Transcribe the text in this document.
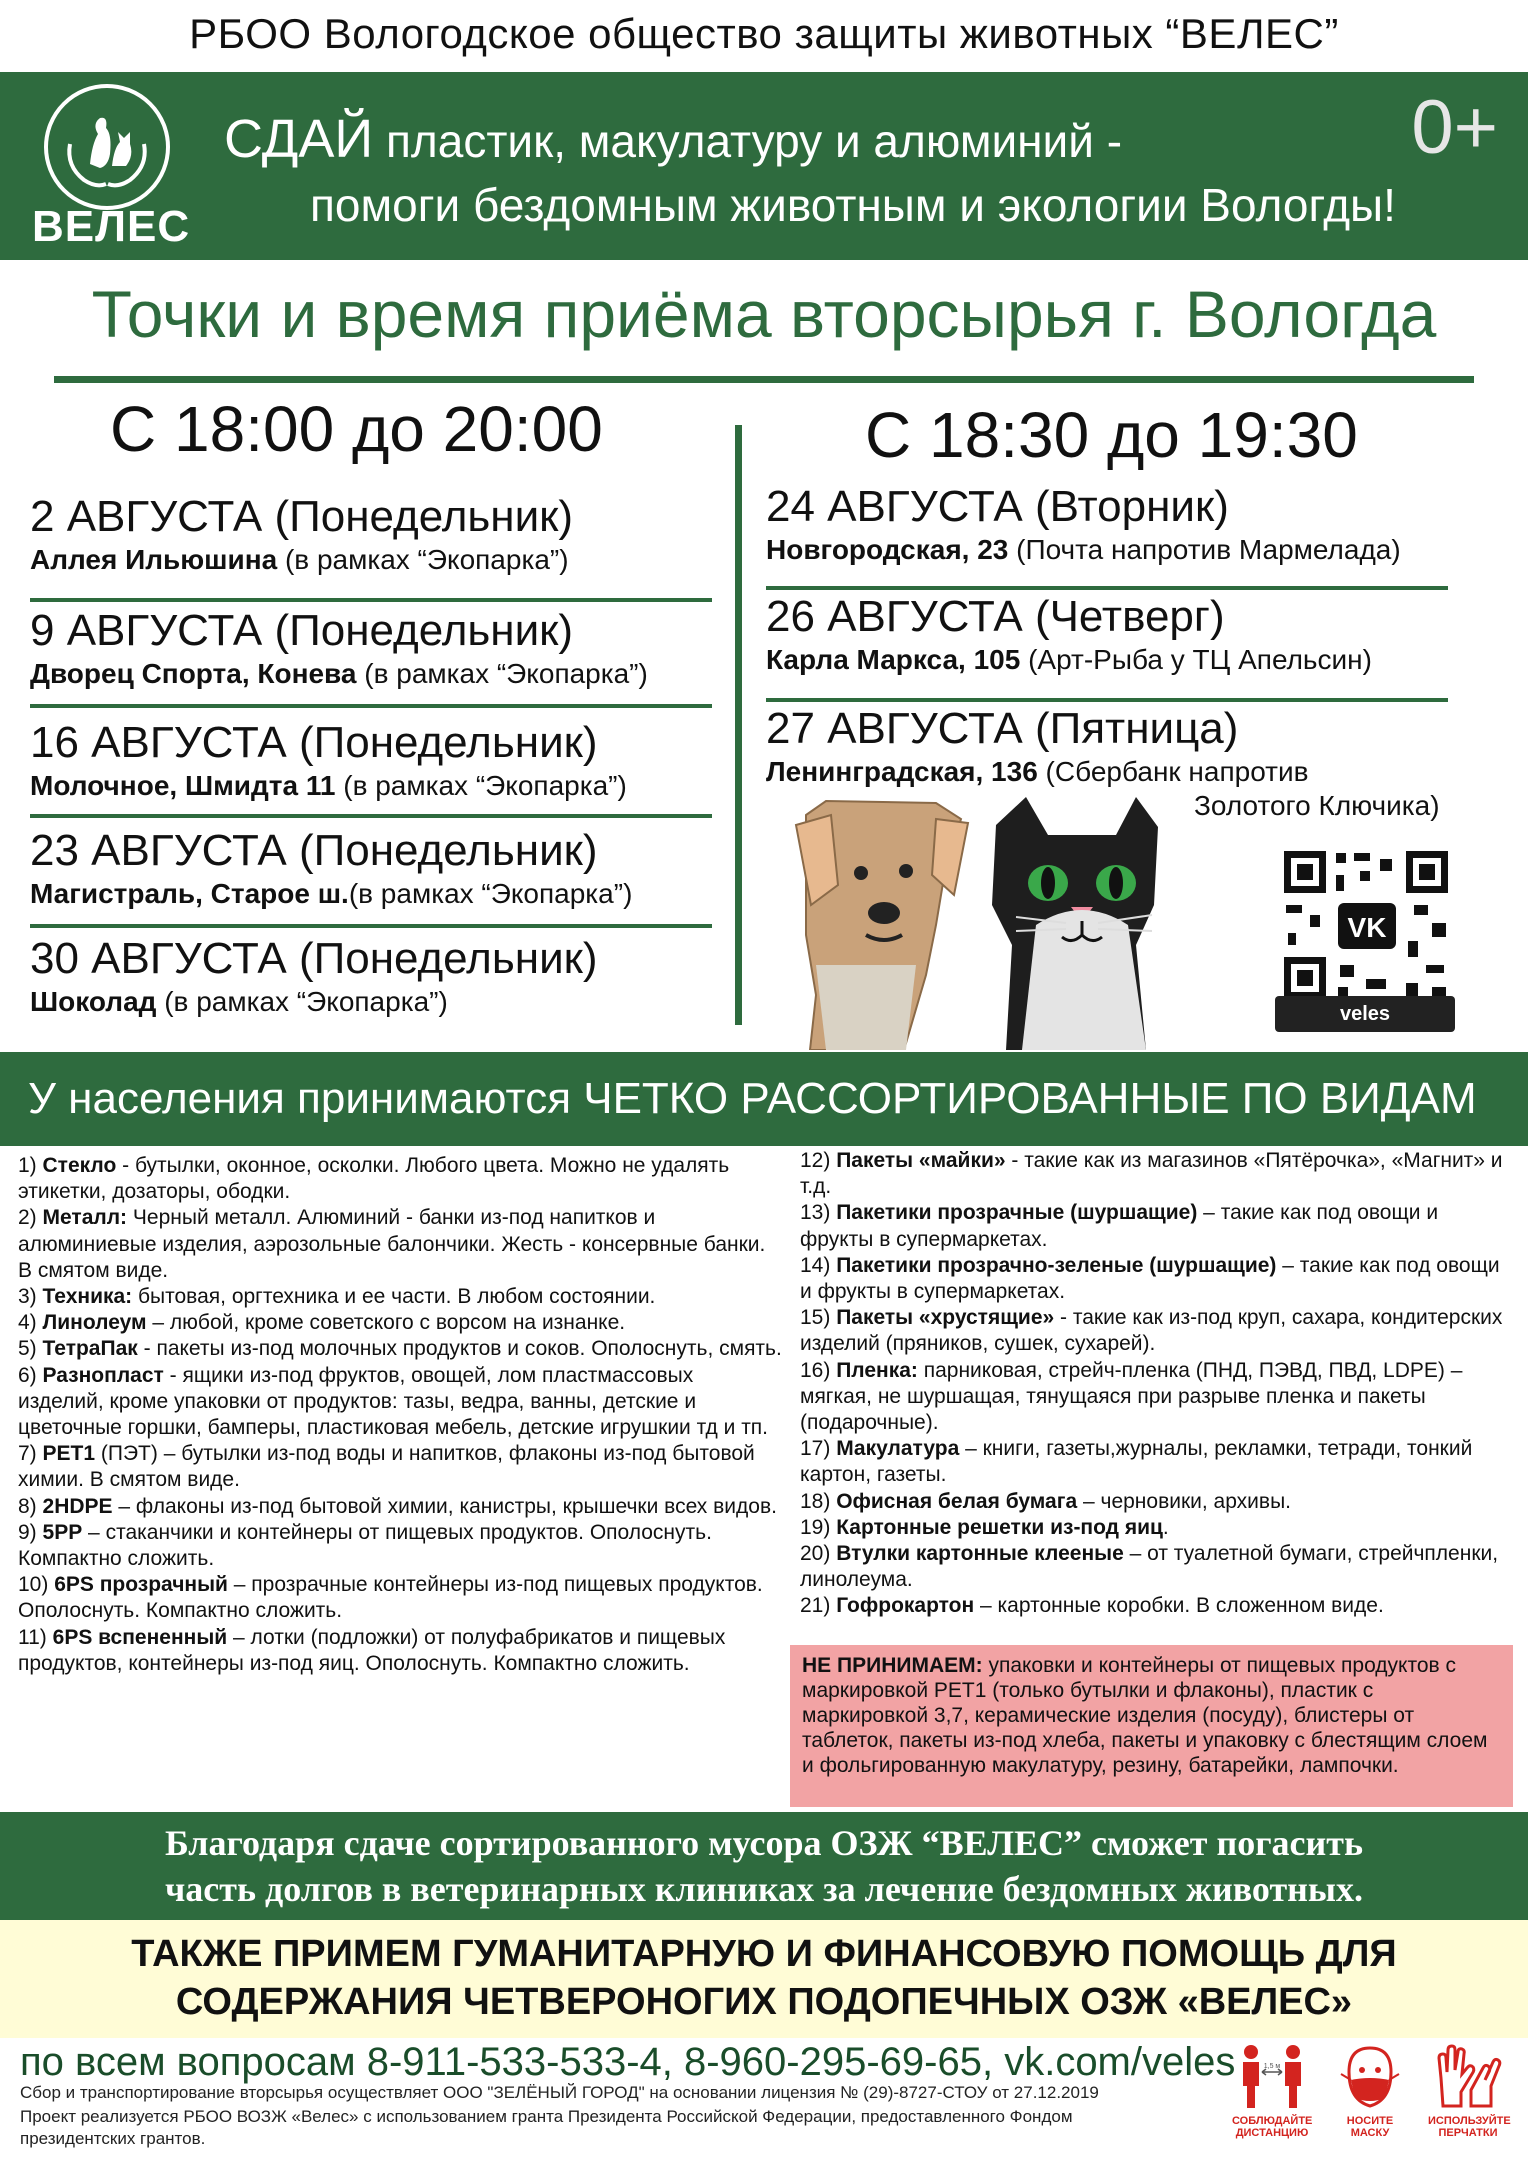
РБОО Вологодское общество защиты животных “ВЕЛЕС”
ВЕЛЕС
СДАЙ пластик, макулатуру и алюминий -
помоги бездомным животным и экологии Вологды!
0+
Точки и время приёма вторсырья г. Вологда
С 18:00 до 20:00
2 АВГУСТА (Понедельник)
Аллея Ильюшина (в рамках “Экопарка”)
9 АВГУСТА (Понедельник)
Дворец Спорта, Конева (в рамках “Экопарка”)
16 АВГУСТА (Понедельник)
Молочное, Шмидта 11 (в рамках “Экопарка”)
23 АВГУСТА (Понедельник)
Магистраль, Старое ш.(в рамках “Экопарка”)
30 АВГУСТА (Понедельник)
Шоколад (в рамках “Экопарка”)
С 18:30 до 19:30
24 АВГУСТА (Вторник)
Новгородская, 23 (Почта напротив Мармелада)
26 АВГУСТА (Четверг)
Карла Маркса, 105 (Арт-Рыба у ТЦ Апельсин)
27 АВГУСТА (Пятница)
Ленинградская, 136 (Сбербанк напротив
Золотого Ключика)
VK
veles
У населения принимаются ЧЕТКО РАССОРТИРОВАННЫЕ ПО ВИДАМ

1) Стекло - бутылки, оконное, осколки. Любого цвета. Можно не удалять этикетки, дозаторы, ободки.

2) Металл: Черный металл. Алюминий - банки из-под напитков и алюминиевые изделия, аэрозольные балончики. Жесть - консервные банки. В смятом виде.

3) Техника: бытовая, оргтехника и ее части. В любом состоянии.

4) Линолеум – любой, кроме советского с ворсом на изнанке.

5) ТетраПак - пакеты из-под молочных продуктов и соков. Ополоснуть, смять.

6) Разнопласт - ящики из-под фруктов, овощей, лом пластмассовых изделий, кроме упаковки от продуктов: тазы, ведра, ванны, детские и цветочные горшки, бамперы, пластиковая мебель, детские игрушкии тд и тп.

7) PET1 (ПЭТ) – бутылки из-под воды и напитков, флаконы из-под бытовой химии. В смятом виде.

8) 2HDPE – флаконы из-под бытовой химии, канистры, крышечки всех видов.

9) 5PP – стаканчики и контейнеры от пищевых продуктов. Ополоснуть. Компактно сложить.

10) 6PS прозрачный – прозрачные контейнеры из-под пищевых продуктов. Ополоснуть. Компактно сложить.

11) 6PS вспененный – лотки (подложки) от полуфабрикатов и пищевых продуктов, контейнеры из-под яиц. Ополоснуть. Компактно сложить.

12) Пакеты «майки» - такие как из магазинов «Пятёрочка», «Магнит» и т.д.

13) Пакетики прозрачные (шуршащие) – такие как под овощи и фрукты в супермаркетах.

14) Пакетики прозрачно-зеленые (шуршащие) – такие как под овощи и фрукты в супермаркетах.

15) Пакеты «хрустящие» - такие как из-под круп, сахара, кондитерских изделий (пряников, сушек, сухарей).

16) Пленка: парниковая, стрейч-пленка (ПНД, ПЭВД, ПВД, LDPE) – мягкая, не шуршащая, тянущаяся при разрыве пленка и пакеты (подарочные).

17) Макулатура – книги, газеты,журналы, рекламки, тетради, тонкий картон, газеты.

18) Офисная белая бумага – черновики, архивы.

19) Картонные решетки из-под яиц.

20) Втулки картонные клееные – от туалетной бумаги, стрейчпленки, линолеума.

21) Гофрокартон – картонные коробки. В сложенном виде.

НЕ ПРИНИМАЕМ: упаковки и контейнеры от пищевых продуктов с маркировкой PET1 (только бутылки и флаконы), пластик с маркировкой 3,7, керамические изделия (посуду), блистеры от таблеток, пакеты из-под хлеба, пакеты и упаковку с блестящим слоем и фольгированную макулатуру, резину, батарейки, лампочки.
Благодаря сдаче сортированного мусора ОЗЖ “ВЕЛЕС” сможет погасить
часть долгов в ветеринарных клиниках за лечение бездомных животных.
ТАКЖЕ ПРИМЕМ ГУМАНИТАРНУЮ И ФИНАНСОВУЮ ПОМОЩЬ ДЛЯ
СОДЕРЖАНИЯ ЧЕТВЕРОНОГИХ ПОДОПЕЧНЫХ ОЗЖ «ВЕЛЕС»
по всем вопросам 8-911-533-533-4, 8-960-295-69-65, vk.com/veles
Сбор и транспортирование вторсырья осуществляет ООО "ЗЕЛЁНЫЙ ГОРОД" на основании лицензия № (29)-8727-СТОУ от 27.12.2019
Проект реализуется РБОО ВОЗЖ «Велес» с использованием гранта Президента Российской Федерации, предоставленного Фондом
президентских грантов.
1,5 м
СОБЛЮДАЙТЕ
ДИСТАНЦИЮ
НОСИТЕ
МАСКУ
ИСПОЛЬЗУЙТЕ
ПЕРЧАТКИ
